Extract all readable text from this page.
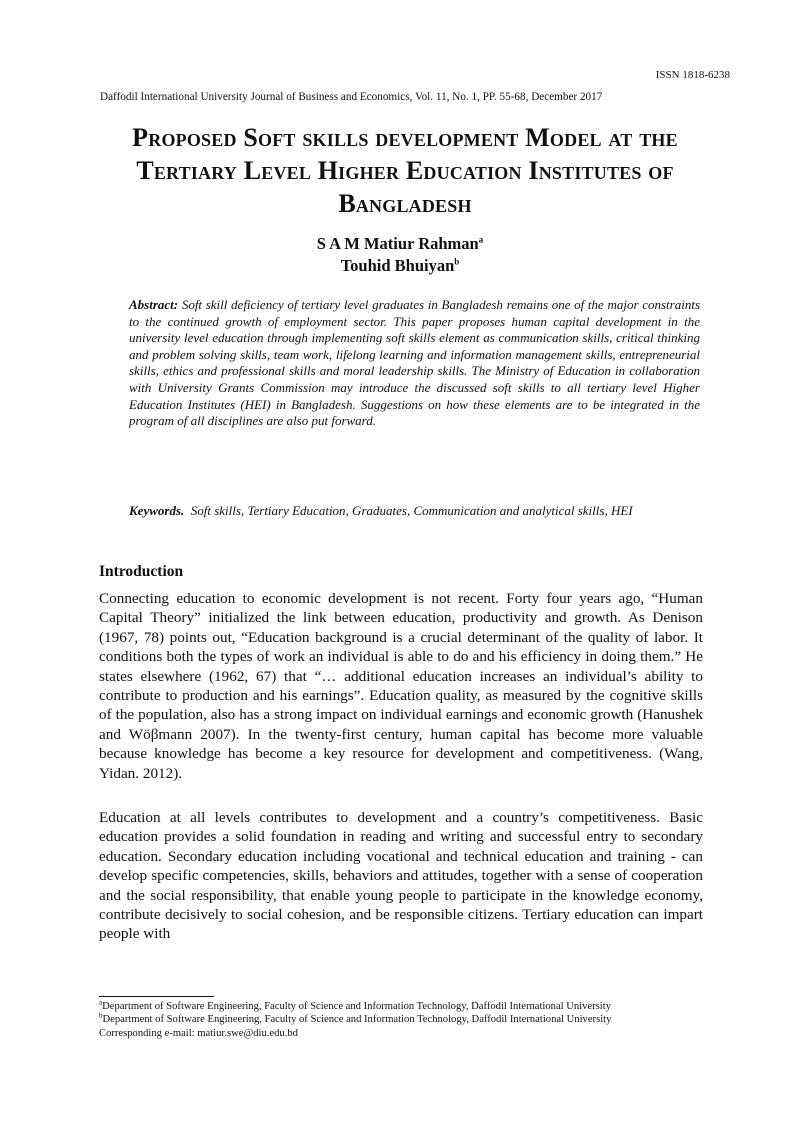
ISSN 1818-6238
Daffodil International University Journal of Business and Economics, Vol. 11, No. 1, PP. 55-68, December 2017
Proposed Soft skills development Model at the Tertiary Level Higher Education Institutes of Bangladesh
S A M Matiur Rahman$^a$
Touhid Bhuiyan$^b$
Abstract: Soft skill deficiency of tertiary level graduates in Bangladesh remains one of the major constraints to the continued growth of employment sector. This paper proposes human capital development in the university level education through implementing soft skills element as communication skills, critical thinking and problem solving skills, team work, lifelong learning and information management skills, entrepreneurial skills, ethics and professional skills and moral leadership skills. The Ministry of Education in collaboration with University Grants Commission may introduce the discussed soft skills to all tertiary level Higher Education Institutes (HEI) in Bangladesh. Suggestions on how these elements are to be integrated in the program of all disciplines are also put forward.
Keywords. Soft skills, Tertiary Education, Graduates, Communication and analytical skills, HEI
Introduction
Connecting education to economic development is not recent. Forty four years ago, “Human Capital Theory” initialized the link between education, productivity and growth. As Denison (1967, 78) points out, “Education background is a crucial determinant of the quality of labor. It conditions both the types of work an individual is able to do and his efficiency in doing them.” He states elsewhere (1962, 67) that “… additional education increases an individual’s ability to contribute to production and his earnings”. Education quality, as measured by the cognitive skills of the population, also has a strong impact on individual earnings and economic growth (Hanushek and Wöβmann 2007). In the twenty-first century, human capital has become more valuable because knowledge has become a key resource for development and competitiveness. (Wang, Yidan. 2012).
Education at all levels contributes to development and a country’s competitiveness. Basic education provides a solid foundation in reading and writing and successful entry to secondary education. Secondary education including vocational and technical education and training - can develop specific competencies, skills, behaviors and attitudes, together with a sense of cooperation and the social responsibility, that enable young people to participate in the knowledge economy, contribute decisively to social cohesion, and be responsible citizens. Tertiary education can impart people with
$^a$Department of Software Engineering, Faculty of Science and Information Technology, Daffodil International University
$^b$Department of Software Engineering, Faculty of Science and Information Technology, Daffodil International University
Corresponding e-mail: matiur.swe@diu.edu.bd
